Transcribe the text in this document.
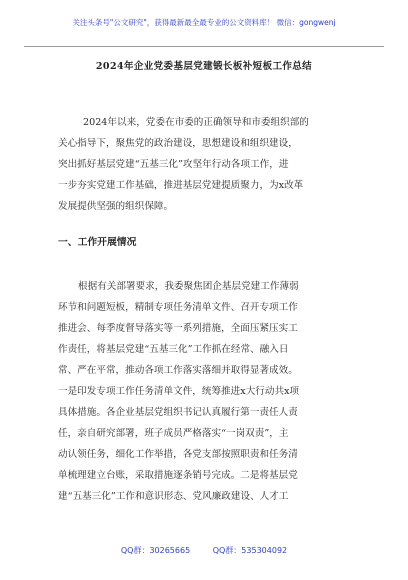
关注头条号"公文研究"，获得最新最全最专业的公文资料库！ 微信：gongwenj
2024年企业党委基层党建锻长板补短板工作总结
2024年以来，党委在市委的正确领导和市委组织部的
关心指导下，聚焦党的政治建设，思想建设和组织建设，
突出抓好基层党建“五基三化”攻坚年行动各项工作，进
一步夯实党建工作基础，推进基层党建提质聚力，为x改革
发展提供坚强的组织保障。
一、工作开展情况
根据有关部署要求，我委聚焦团企基层党建工作薄弱
环节和问题短板，精制专项任务清单文件、召开专项工作
推进会、每季度督导落实等一系列措施，全面压紧压实工
作责任，将基层党建“五基三化”工作抓在经常、融入日
常、严在平常，推动各项工作落实落细并取得显著成效。
一是印发专项工作任务清单文件，统筹推进x大行动共x项
具体措施。各企业基层党组织书记认真履行第一责任人责
任，亲自研究部署，班子成员严格落实“一岗双责”，主
动认领任务，细化工作举措，各党支部按照职责和任务清
单梳理建立台账，采取措施逐条销号完成。二是将基层党
建“五基三化”工作和意识形态、党风廉政建设、人才工
QQ群：30265665	QQ群：535304092
